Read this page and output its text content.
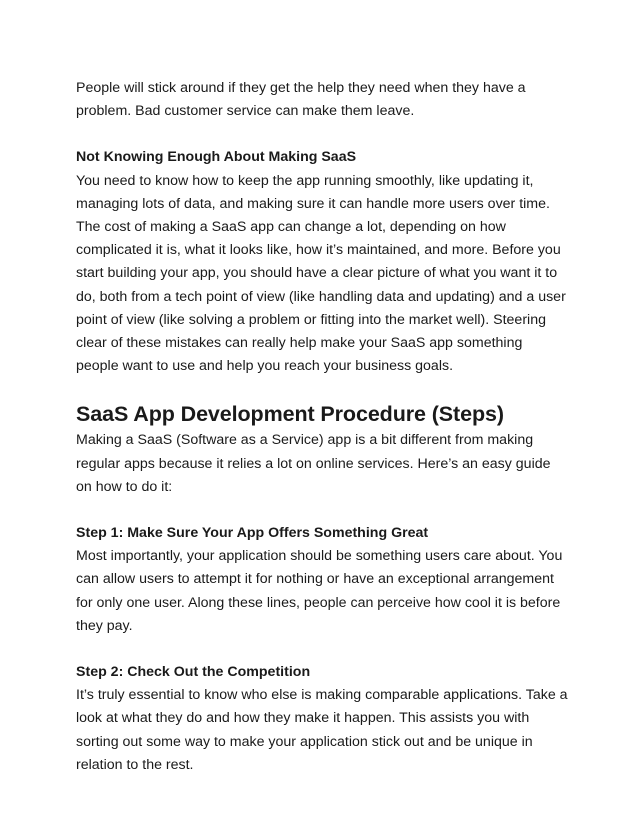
People will stick around if they get the help they need when they have a problem. Bad customer service can make them leave.

Not Knowing Enough About Making SaaS

You need to know how to keep the app running smoothly, like updating it, managing lots of data, and making sure it can handle more users over time.

The cost of making a SaaS app can change a lot, depending on how complicated it is, what it looks like, how it’s maintained, and more. Before you start building your app, you should have a clear picture of what you want it to do, both from a tech point of view (like handling data and updating) and a user point of view (like solving a problem or fitting into the market well). Steering clear of these mistakes can really help make your SaaS app something people want to use and help you reach your business goals.

SaaS App Development Procedure (Steps)

Making a SaaS (Software as a Service) app is a bit different from making regular apps because it relies a lot on online services. Here’s an easy guide on how to do it:

Step 1: Make Sure Your App Offers Something Great

Most importantly, your application should be something users care about. You can allow users to attempt it for nothing or have an exceptional arrangement for only one user. Along these lines, people can perceive how cool it is before they pay.

Step 2: Check Out the Competition

It’s truly essential to know who else is making comparable applications. Take a look at what they do and how they make it happen. This assists you with sorting out some way to make your application stick out and be unique in relation to the rest.
